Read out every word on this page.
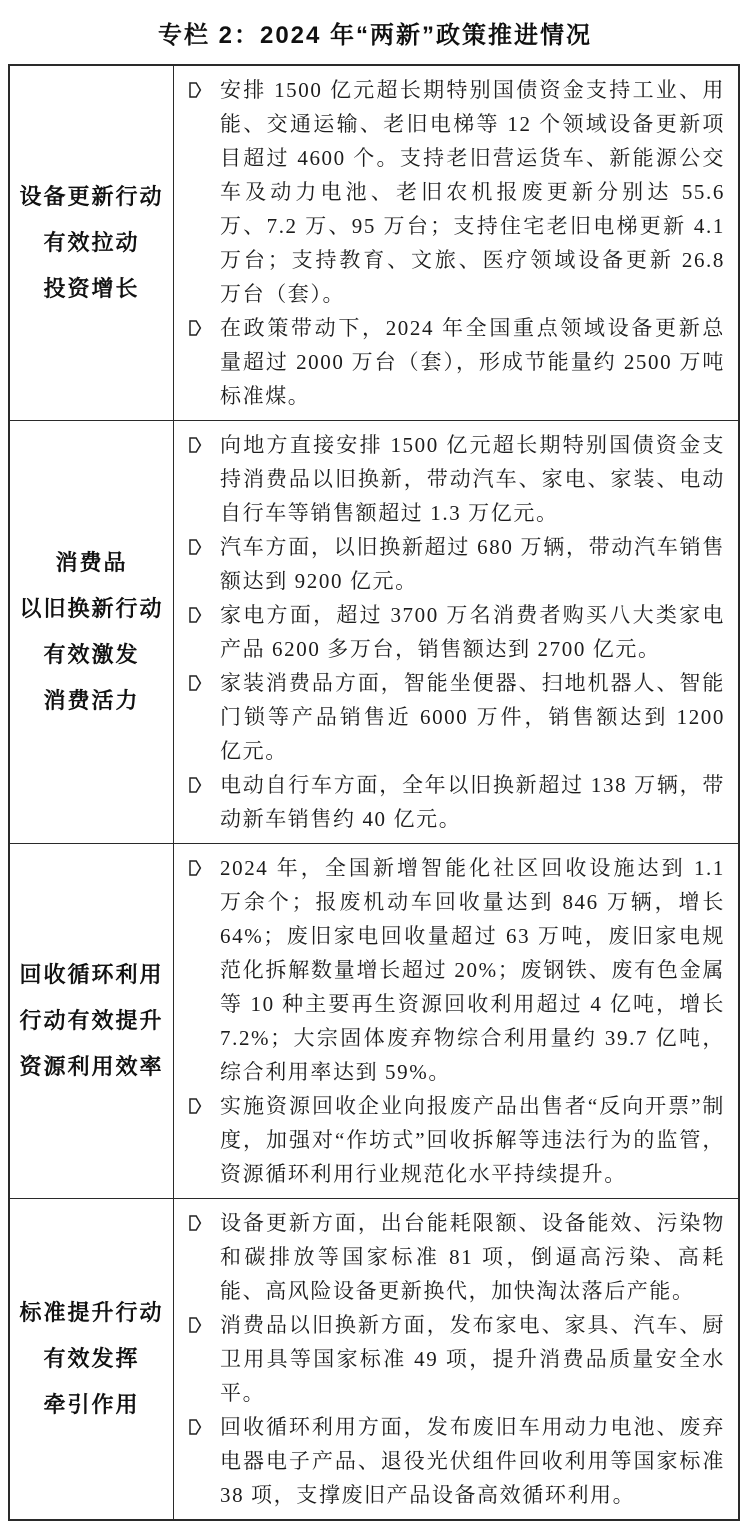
专栏 2：2024 年“两新”政策推进情况
设备更新行动
有效拉动
投资增长
安排 1500 亿元超长期特别国债资金支持工业、用能、交通运输、老旧电梯等 12 个领域设备更新项目超过 4600 个。支持老旧营运货车、新能源公交车及动力电池、老旧农机报废更新分别达 55.6 万、7.2 万、95 万台；支持住宅老旧电梯更新 4.1 万台；支持教育、文旅、医疗领域设备更新 26.8 万台（套）。
在政策带动下，2024 年全国重点领域设备更新总量超过 2000 万台（套），形成节能量约 2500 万吨标准煤。
消费品
以旧换新行动
有效激发
消费活力
向地方直接安排 1500 亿元超长期特别国债资金支持消费品以旧换新，带动汽车、家电、家装、电动自行车等销售额超过 1.3 万亿元。
汽车方面，以旧换新超过 680 万辆，带动汽车销售额达到 9200 亿元。
家电方面，超过 3700 万名消费者购买八大类家电产品 6200 多万台，销售额达到 2700 亿元。
家装消费品方面，智能坐便器、扫地机器人、智能门锁等产品销售近 6000 万件，销售额达到 1200 亿元。
电动自行车方面，全年以旧换新超过 138 万辆，带动新车销售约 40 亿元。
回收循环利用
行动有效提升
资源利用效率
2024 年，全国新增智能化社区回收设施达到 1.1 万余个；报废机动车回收量达到 846 万辆，增长 64%；废旧家电回收量超过 63 万吨，废旧家电规范化拆解数量增长超过 20%；废钢铁、废有色金属等 10 种主要再生资源回收利用超过 4 亿吨，增长 7.2%；大宗固体废弃物综合利用量约 39.7 亿吨，综合利用率达到 59%。
实施资源回收企业向报废产品出售者“反向开票”制度，加强对“作坊式”回收拆解等违法行为的监管，资源循环利用行业规范化水平持续提升。
标准提升行动
有效发挥
牵引作用
设备更新方面，出台能耗限额、设备能效、污染物和碳排放等国家标准 81 项，倒逼高污染、高耗能、高风险设备更新换代，加快淘汰落后产能。
消费品以旧换新方面，发布家电、家具、汽车、厨卫用具等国家标准 49 项，提升消费品质量安全水平。
回收循环利用方面，发布废旧车用动力电池、废弃电器电子产品、退役光伏组件回收利用等国家标准 38 项，支撑废旧产品设备高效循环利用。
